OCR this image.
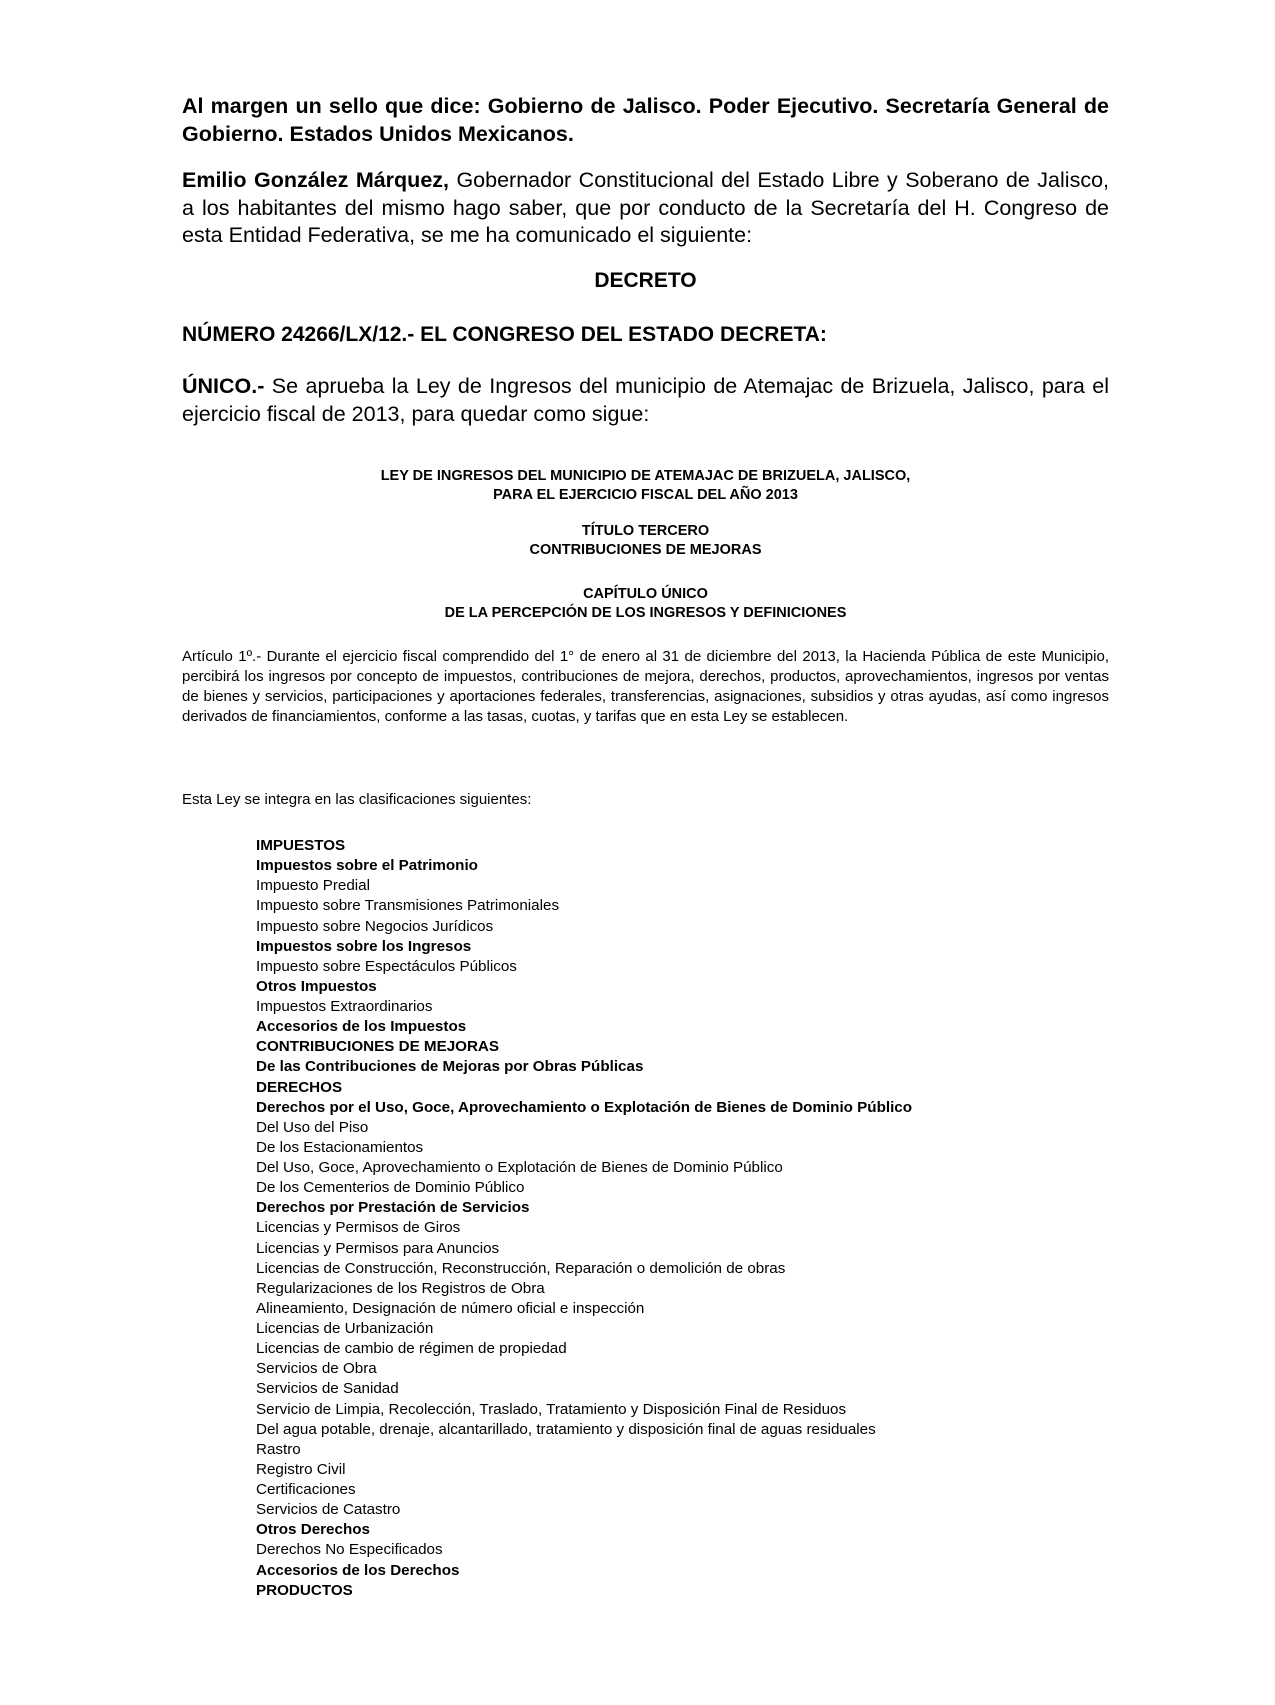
Al margen un sello que dice: Gobierno de Jalisco. Poder Ejecutivo. Secretaría General de Gobierno. Estados Unidos Mexicanos.

Emilio González Márquez, Gobernador Constitucional del Estado Libre y Soberano de Jalisco, a los habitantes del mismo hago saber, que por conducto de la Secretaría del H. Congreso de esta Entidad Federativa, se me ha comunicado el siguiente:

DECRETO
NÚMERO 24266/LX/12.- EL CONGRESO DEL ESTADO DECRETA:

ÚNICO.- Se aprueba la Ley de Ingresos del municipio de Atemajac de Brizuela, Jalisco, para el ejercicio fiscal de 2013, para quedar como sigue:

LEY DE INGRESOS DEL MUNICIPIO DE ATEMAJAC DE BRIZUELA, JALISCO,
PARA EL EJERCICIO FISCAL DEL AÑO 2013
TÍTULO TERCERO
CONTRIBUCIONES DE MEJORAS
CAPÍTULO ÚNICO
DE LA PERCEPCIÓN DE LOS INGRESOS Y DEFINICIONES

Artículo 1º.- Durante el ejercicio fiscal comprendido del 1° de enero al 31 de diciembre del 2013, la Hacienda Pública de este Municipio, percibirá los ingresos por concepto de impuestos, contribuciones de mejora, derechos, productos, aprovechamientos, ingresos por ventas de bienes y servicios, participaciones y aportaciones federales, transferencias, asignaciones, subsidios y otras ayudas, así como ingresos derivados de financiamientos, conforme a las tasas, cuotas, y tarifas que en esta Ley se establecen.

Esta Ley se integra en las clasificaciones siguientes:
IMPUESTOS
Impuestos sobre el Patrimonio
Impuesto Predial
Impuesto sobre Transmisiones Patrimoniales
Impuesto sobre Negocios Jurídicos
Impuestos sobre los Ingresos
Impuesto sobre Espectáculos Públicos
Otros Impuestos
Impuestos Extraordinarios
Accesorios de los Impuestos
CONTRIBUCIONES DE MEJORAS
De las Contribuciones de Mejoras por Obras Públicas
DERECHOS
Derechos por el Uso, Goce, Aprovechamiento o Explotación de Bienes de Dominio Público
Del Uso del Piso
De los Estacionamientos
Del Uso, Goce, Aprovechamiento o Explotación de Bienes de Dominio Público
De los Cementerios de Dominio Público
Derechos por Prestación de Servicios
Licencias y Permisos de Giros
Licencias y Permisos para Anuncios
Licencias de Construcción, Reconstrucción, Reparación o demolición de obras
Regularizaciones de los Registros de Obra
Alineamiento, Designación de número oficial e inspección
Licencias de Urbanización
Licencias de cambio de régimen de propiedad
Servicios de Obra
Servicios de Sanidad
Servicio de Limpia, Recolección, Traslado, Tratamiento y Disposición Final de Residuos
Del agua potable, drenaje, alcantarillado, tratamiento y disposición final de aguas residuales
Rastro
Registro Civil
Certificaciones
Servicios de Catastro
Otros Derechos
Derechos No Especificados
Accesorios de los Derechos
PRODUCTOS
